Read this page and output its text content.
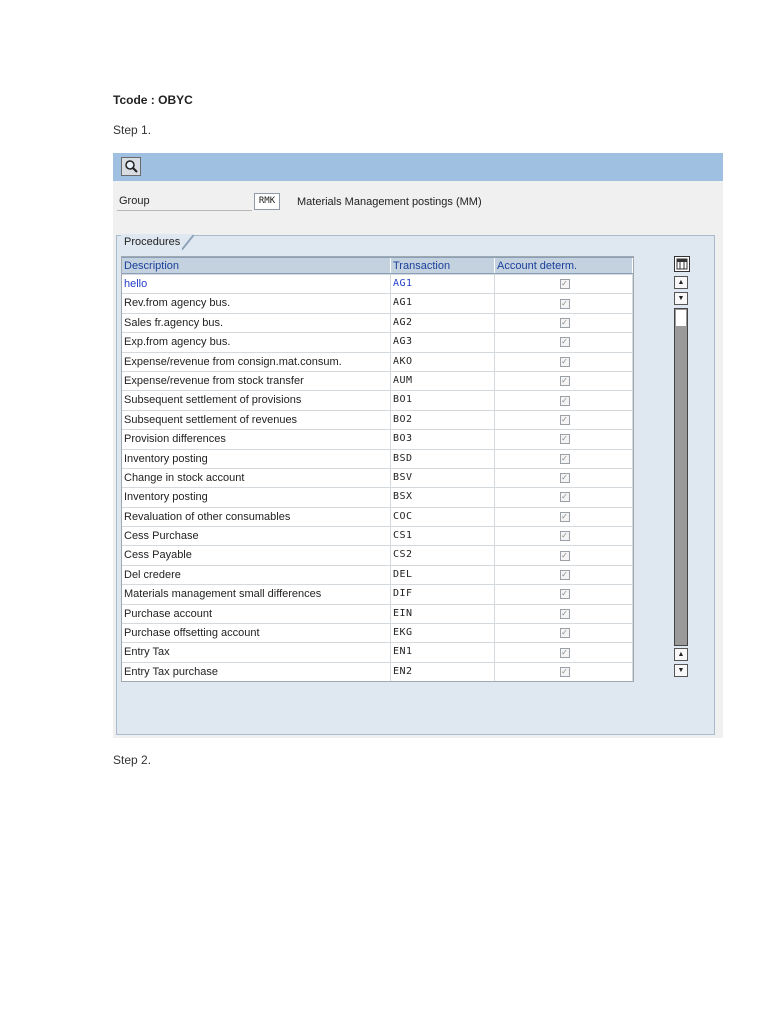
Tcode : OBYC
Step 1.
Group	RMK	Materials Management postings (MM)
Procedures
Description	Transaction	Account determ.
hello	AG1	✓
Rev.from agency bus.	AG1	✓
Sales fr.agency bus.	AG2	✓
Exp.from agency bus.	AG3	✓
Expense/revenue from consign.mat.consum.	AKO	✓
Expense/revenue from stock transfer	AUM	✓
Subsequent settlement of provisions	BO1	✓
Subsequent settlement of revenues	BO2	✓
Provision differences	BO3	✓
Inventory posting	BSD	✓
Change in stock account	BSV	✓
Inventory posting	BSX	✓
Revaluation of other consumables	COC	✓
Cess Purchase	CS1	✓
Cess Payable	CS2	✓
Del credere	DEL	✓
Materials management small differences	DIF	✓
Purchase account	EIN	✓
Purchase offsetting account	EKG	✓
Entry Tax	EN1	✓
Entry Tax purchase	EN2	✓
▲
▼
▲
▼
Step 2.
